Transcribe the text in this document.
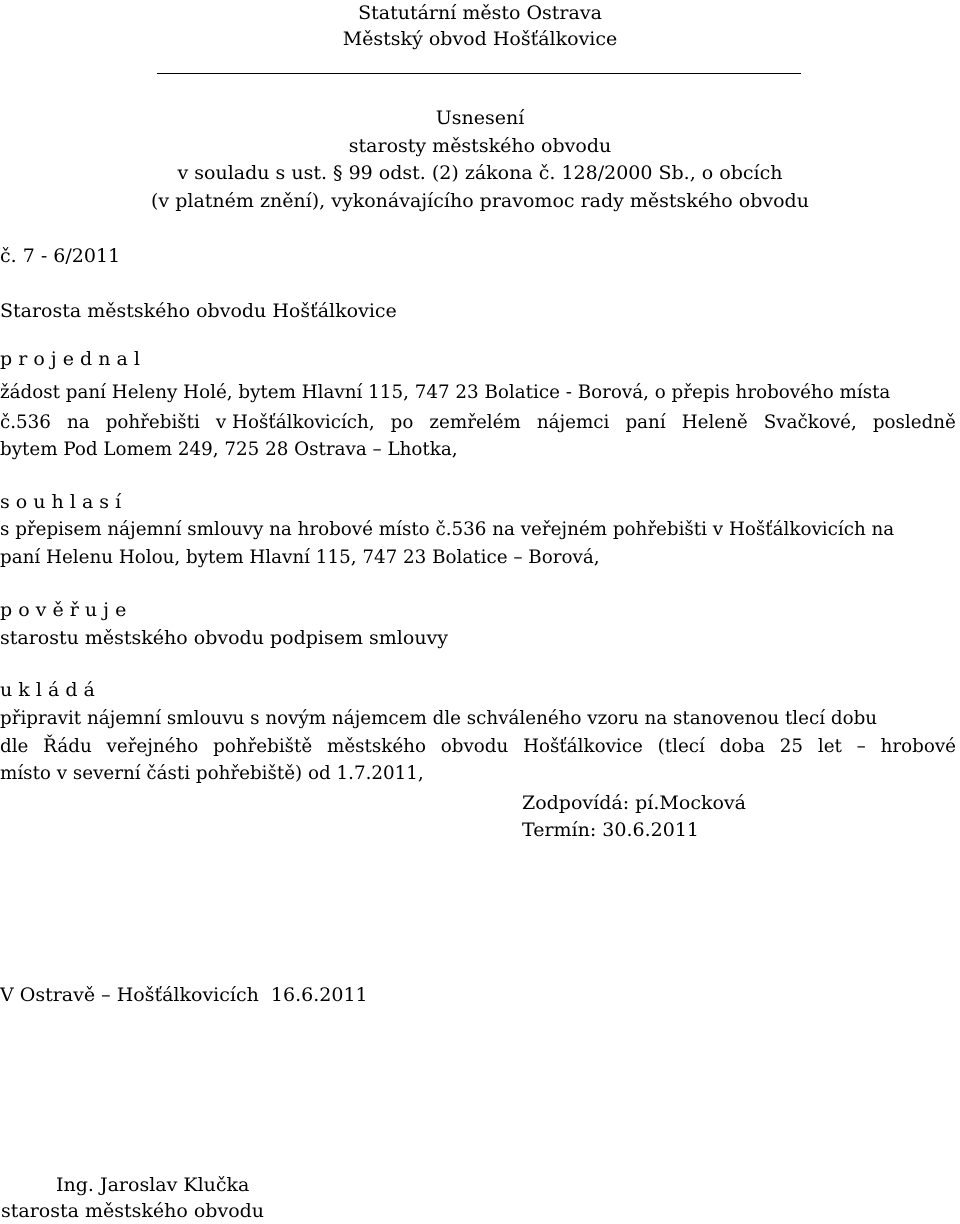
Statutární město Ostrava
Městský obvod Hošťálkovice
Usnesení
starosty městského obvodu
v souladu s ust. § 99 odst. (2) zákona č. 128/2000 Sb., o obcích
(v platném znění), vykonávajícího pravomoc rady městského obvodu
č. 7 - 6/2011
Starosta městského obvodu Hošťálkovice
p r o j e d n a l
žádost paní Heleny Holé, bytem Hlavní 115, 747 23 Bolatice - Borová, o přepis hrobového místa
č.536 na pohřebišti v Hošťálkovicích, po zemřelém nájemci paní Heleně Svačkové, posledně
bytem Pod Lomem 249, 725 28 Ostrava – Lhotka,
s o u h l a s í
s přepisem nájemní smlouvy na hrobové místo č.536 na veřejném pohřebišti v Hošťálkovicích na
paní Helenu Holou, bytem Hlavní 115, 747 23 Bolatice – Borová,
p o v ě ř u j e
starostu městského obvodu podpisem smlouvy
u k l á d á
připravit nájemní smlouvu s novým nájemcem dle schváleného vzoru na stanovenou tlecí dobu
dle Řádu veřejného pohřebiště městského obvodu Hošťálkovice (tlecí doba 25 let – hrobové
místo v severní části pohřebiště) od 1.7.2011,
Zodpovídá: pí.Mocková
Termín: 30.6.2011
V Ostravě – Hošťálkovicích  16.6.2011
Ing. Jaroslav Klučka
starosta městského obvodu
